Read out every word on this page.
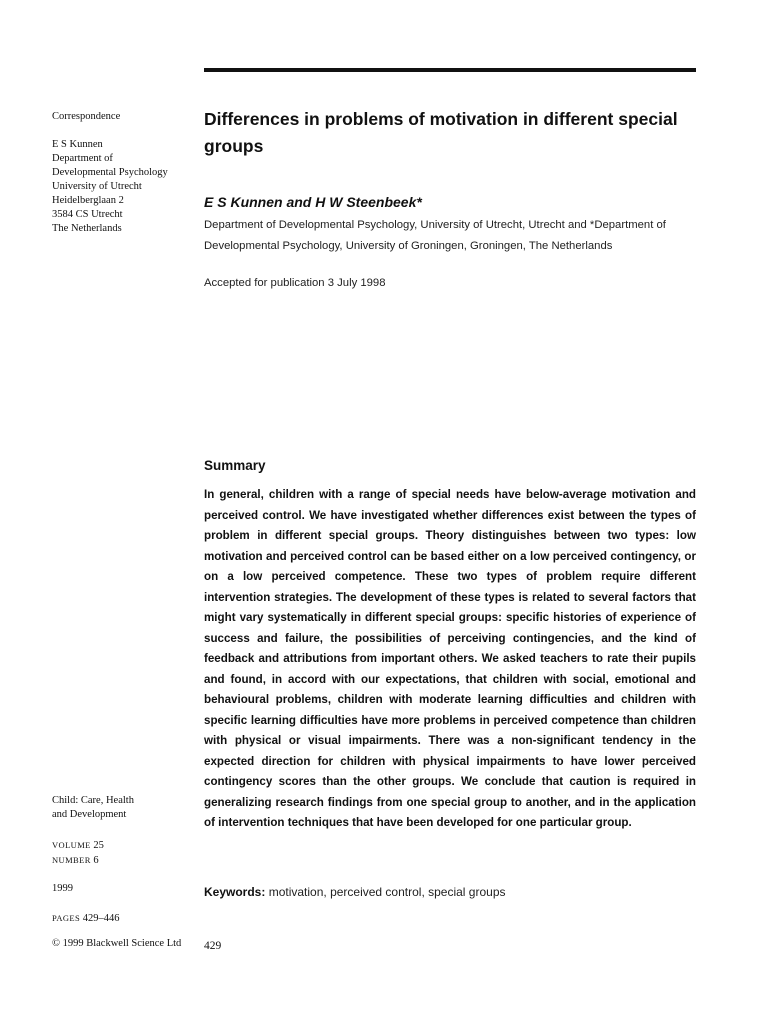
Correspondence
E S Kunnen
Department of
Developmental Psychology
University of Utrecht
Heidelberglaan 2
3584 CS Utrecht
The Netherlands
Child: Care, Health
and Development
VOLUME 25
NUMBER 6
1999
PAGES 429–446
© 1999 Blackwell Science Ltd
Differences in problems of motivation in different special groups
E S Kunnen and H W Steenbeek*
Department of Developmental Psychology, University of Utrecht, Utrecht and *Department of Developmental Psychology, University of Groningen, Groningen, The Netherlands
Accepted for publication 3 July 1998
Summary
In general, children with a range of special needs have below-average motivation and perceived control. We have investigated whether differences exist between the types of problem in different special groups. Theory distinguishes between two types: low motivation and perceived control can be based either on a low perceived contingency, or on a low perceived competence. These two types of problem require different intervention strategies. The development of these types is related to several factors that might vary systematically in different special groups: specific histories of experience of success and failure, the possibilities of perceiving contingencies, and the kind of feedback and attributions from important others. We asked teachers to rate their pupils and found, in accord with our expectations, that children with social, emotional and behavioural problems, children with moderate learning difficulties and children with specific learning difficulties have more problems in perceived competence than children with physical or visual impairments. There was a non-significant tendency in the expected direction for children with physical impairments to have lower perceived contingency scores than the other groups. We conclude that caution is required in generalizing research findings from one special group to another, and in the application of intervention techniques that have been developed for one particular group.
Keywords: motivation, perceived control, special groups
429
